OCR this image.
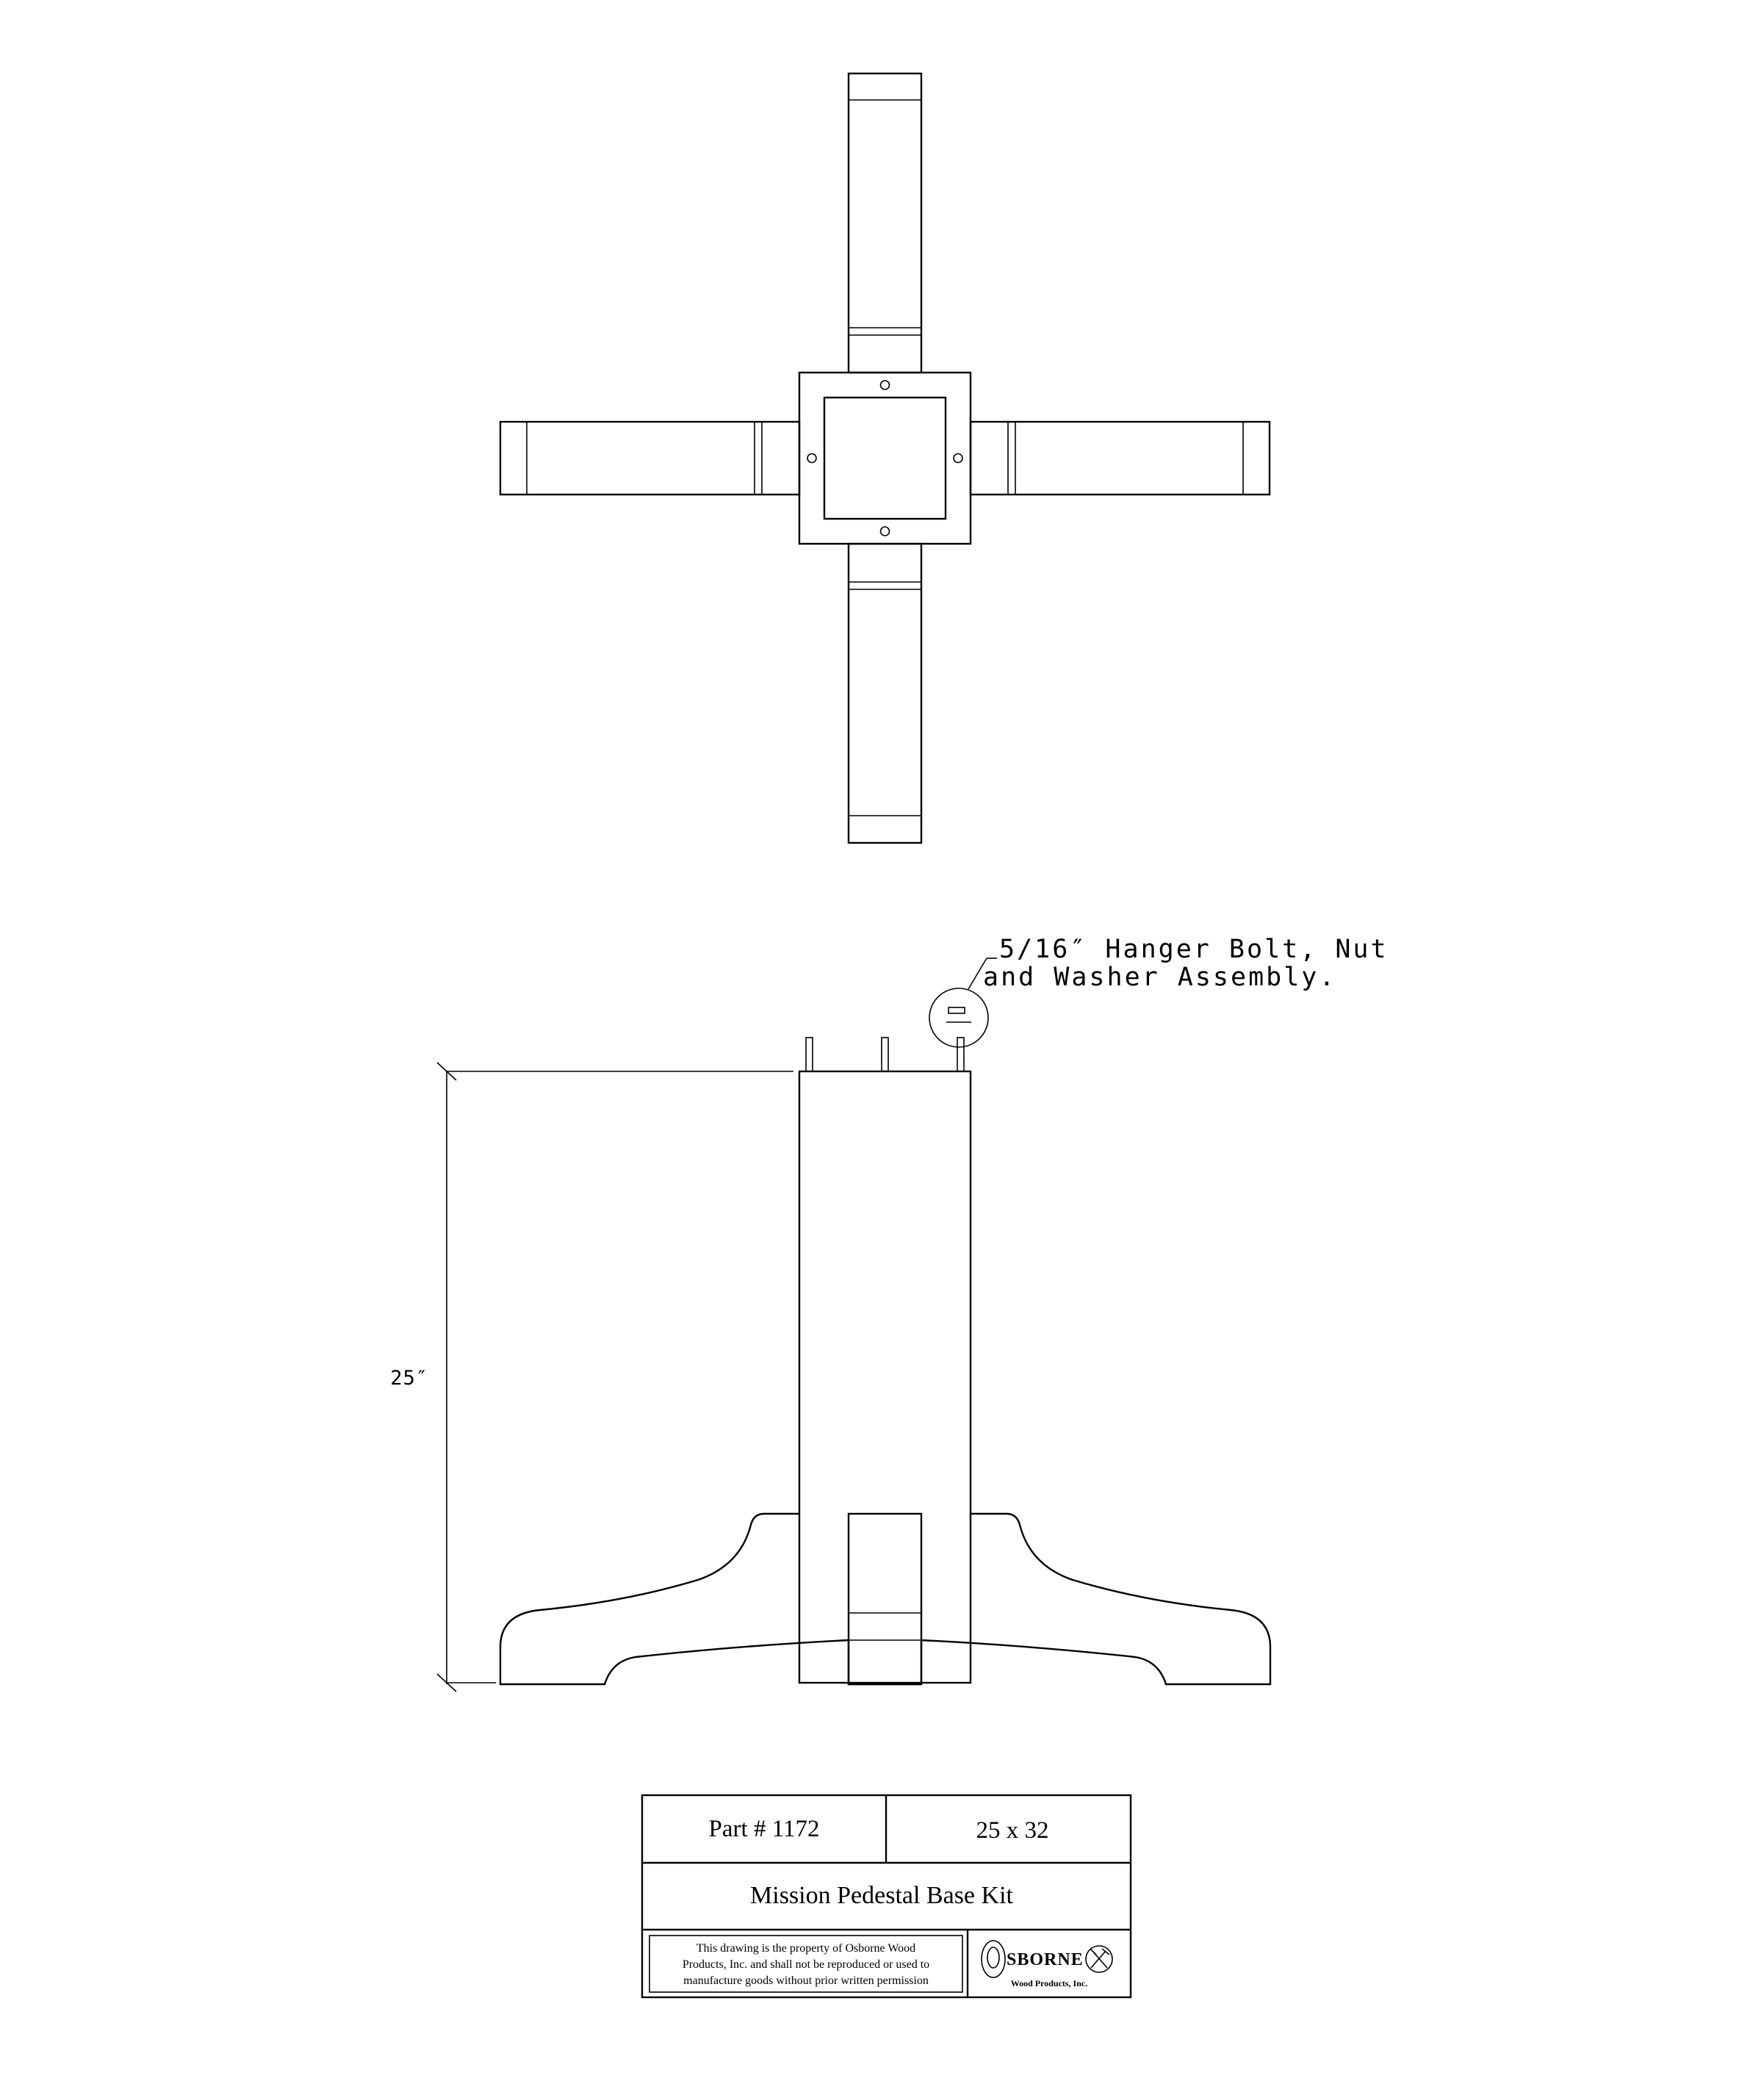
5/16″ Hanger Bolt, Nut
and Washer Assembly.
25″
Part # 1172	25 x 32
Mission Pedestal Base Kit
This drawing is the property of Osborne Wood
Products, Inc. and shall not be reproduced or used to
manufacture goods without prior written permission
SBORNE
Wood Products, Inc.
